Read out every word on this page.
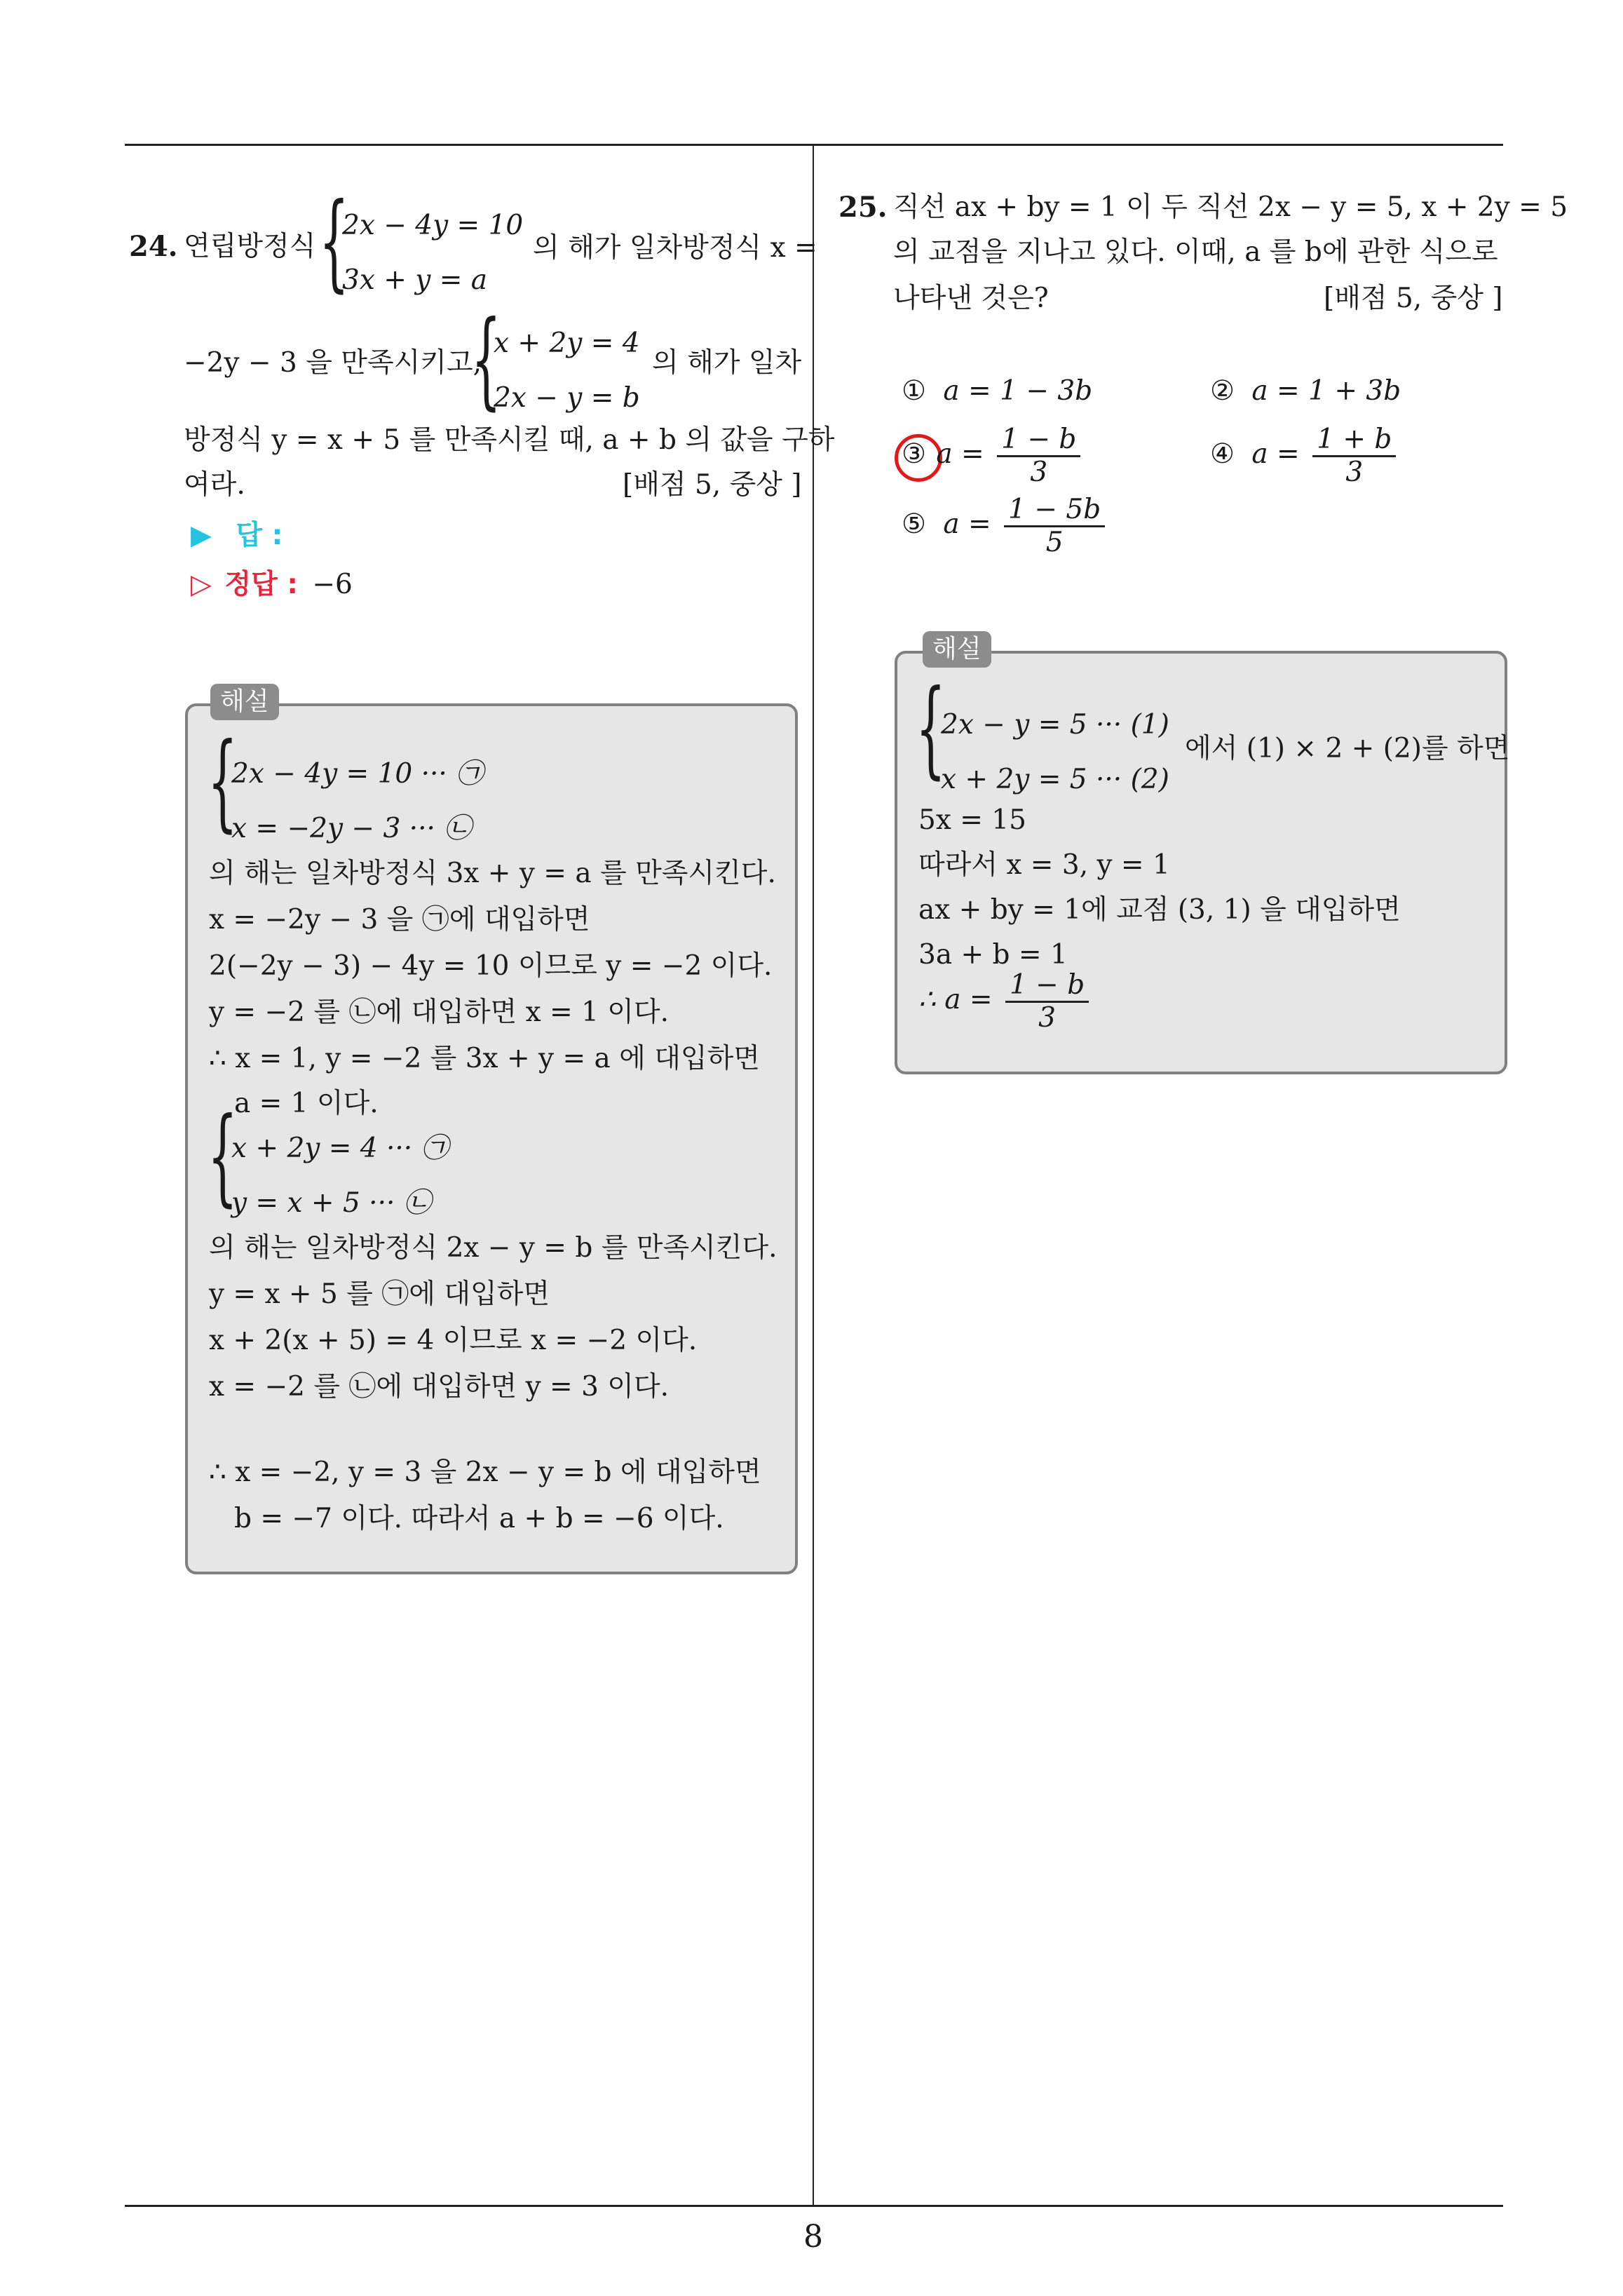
8
24. 연립방정식 {
2x − 4y = 10
3x + y = a
의 해가 일차방정식 x =
−2y − 3 을 만족시키고,
{
x + 2y = 4
2x − y = b
의 해가 일차
방정식 y = x + 5 를 만족시킬 때, a + b 의 값을 구하
여라.	[배점 5, 중상 ]
▶ 답 :
▷ 정답 : −6
해설
{
2x − 4y = 10 ··· ㉠
x = −2y − 3 ··· ㉡
의 해는 일차방정식 3x + y = a 를 만족시킨다.
x = −2y − 3 을 ㉠에 대입하면
2(−2y − 3) − 4y = 10 이므로 y = −2 이다.
y = −2 를 ㉡에 대입하면 x = 1 이다.
∴ x = 1, y = −2 를 3x + y = a 에 대입하면
a = 1 이다.
{
x + 2y = 4 ··· ㉠
y = x + 5 ··· ㉡
의 해는 일차방정식 2x − y = b 를 만족시킨다.
y = x + 5 를 ㉠에 대입하면
x + 2(x + 5) = 4 이므로 x = −2 이다.
x = −2 를 ㉡에 대입하면 y = 3 이다.
∴ x = −2, y = 3 을 2x − y = b 에 대입하면
b = −7 이다. 따라서 a + b = −6 이다.
25. 직선 ax + by = 1 이 두 직선 2x − y = 5, x + 2y = 5
의 교점을 지나고 있다. 이때, a 를 b에 관한 식으로
나타낸 것은?	[배점 5, 중상 ]
① a = 1 − 3b	② a = 1 + 3b
③ $a = \frac{1 - b}{3}$	④ $a = \frac{1 + b}{3}$
⑤ $a = \frac{1 - 5b}{5}$
해설
{
2x − y = 5 ··· (1)
x + 2y = 5 ··· (2)
에서 (1) × 2 + (2)를 하면
5x = 15
따라서 x = 3, y = 1
ax + by = 1에 교점 (3, 1) 을 대입하면
3a + b = 1
∴ $a = \frac{1 - b}{3}$
